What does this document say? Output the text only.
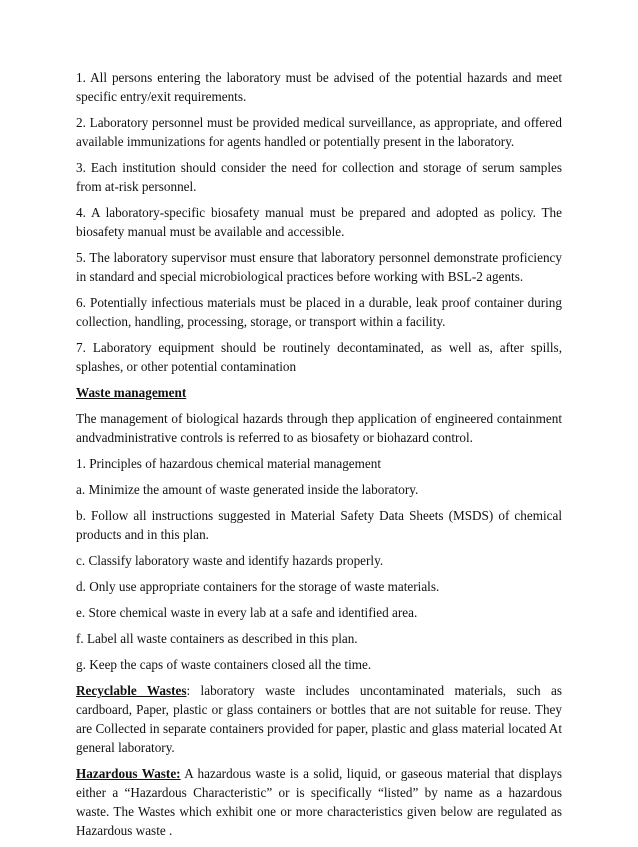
1. All persons entering the laboratory must be advised of the potential hazards and meet specific entry/exit requirements.

2. Laboratory personnel must be provided medical surveillance, as appropriate, and offered available immunizations for agents handled or potentially present in the laboratory.

3. Each institution should consider the need for collection and storage of serum samples from at-risk personnel.

4. A laboratory-specific biosafety manual must be prepared and adopted as policy. The biosafety manual must be available and accessible.

5. The laboratory supervisor must ensure that laboratory personnel demonstrate proficiency in standard and special microbiological practices before working with BSL-2 agents.

6. Potentially infectious materials must be placed in a durable, leak proof container during collection, handling, processing, storage, or transport within a facility.

7. Laboratory equipment should be routinely decontaminated, as well as, after spills, splashes, or other potential contamination

Waste management

The management of biological hazards through thep application of engineered containment andvadministrative controls is referred to as biosafety or biohazard control.

1. Principles of hazardous chemical material management

a. Minimize the amount of waste generated inside the laboratory.

b. Follow all instructions suggested in Material Safety Data Sheets (MSDS) of chemical products and in this plan.

c. Classify laboratory waste and identify hazards properly.

d. Only use appropriate containers for the storage of waste materials.

e. Store chemical waste in every lab at a safe and identified area.

f. Label all waste containers as described in this plan.

g. Keep the caps of waste containers closed all the time.

Recyclable Wastes: laboratory waste includes uncontaminated materials, such as cardboard, Paper, plastic or glass containers or bottles that are not suitable for reuse. They are Collected in separate containers provided for paper, plastic and glass material located At general laboratory.

Hazardous Waste: A hazardous waste is a solid, liquid, or gaseous material that displays either a “Hazardous Characteristic” or is specifically “listed” by name as a hazardous waste. The Wastes which exhibit one or more characteristics given below are regulated as Hazardous waste .
